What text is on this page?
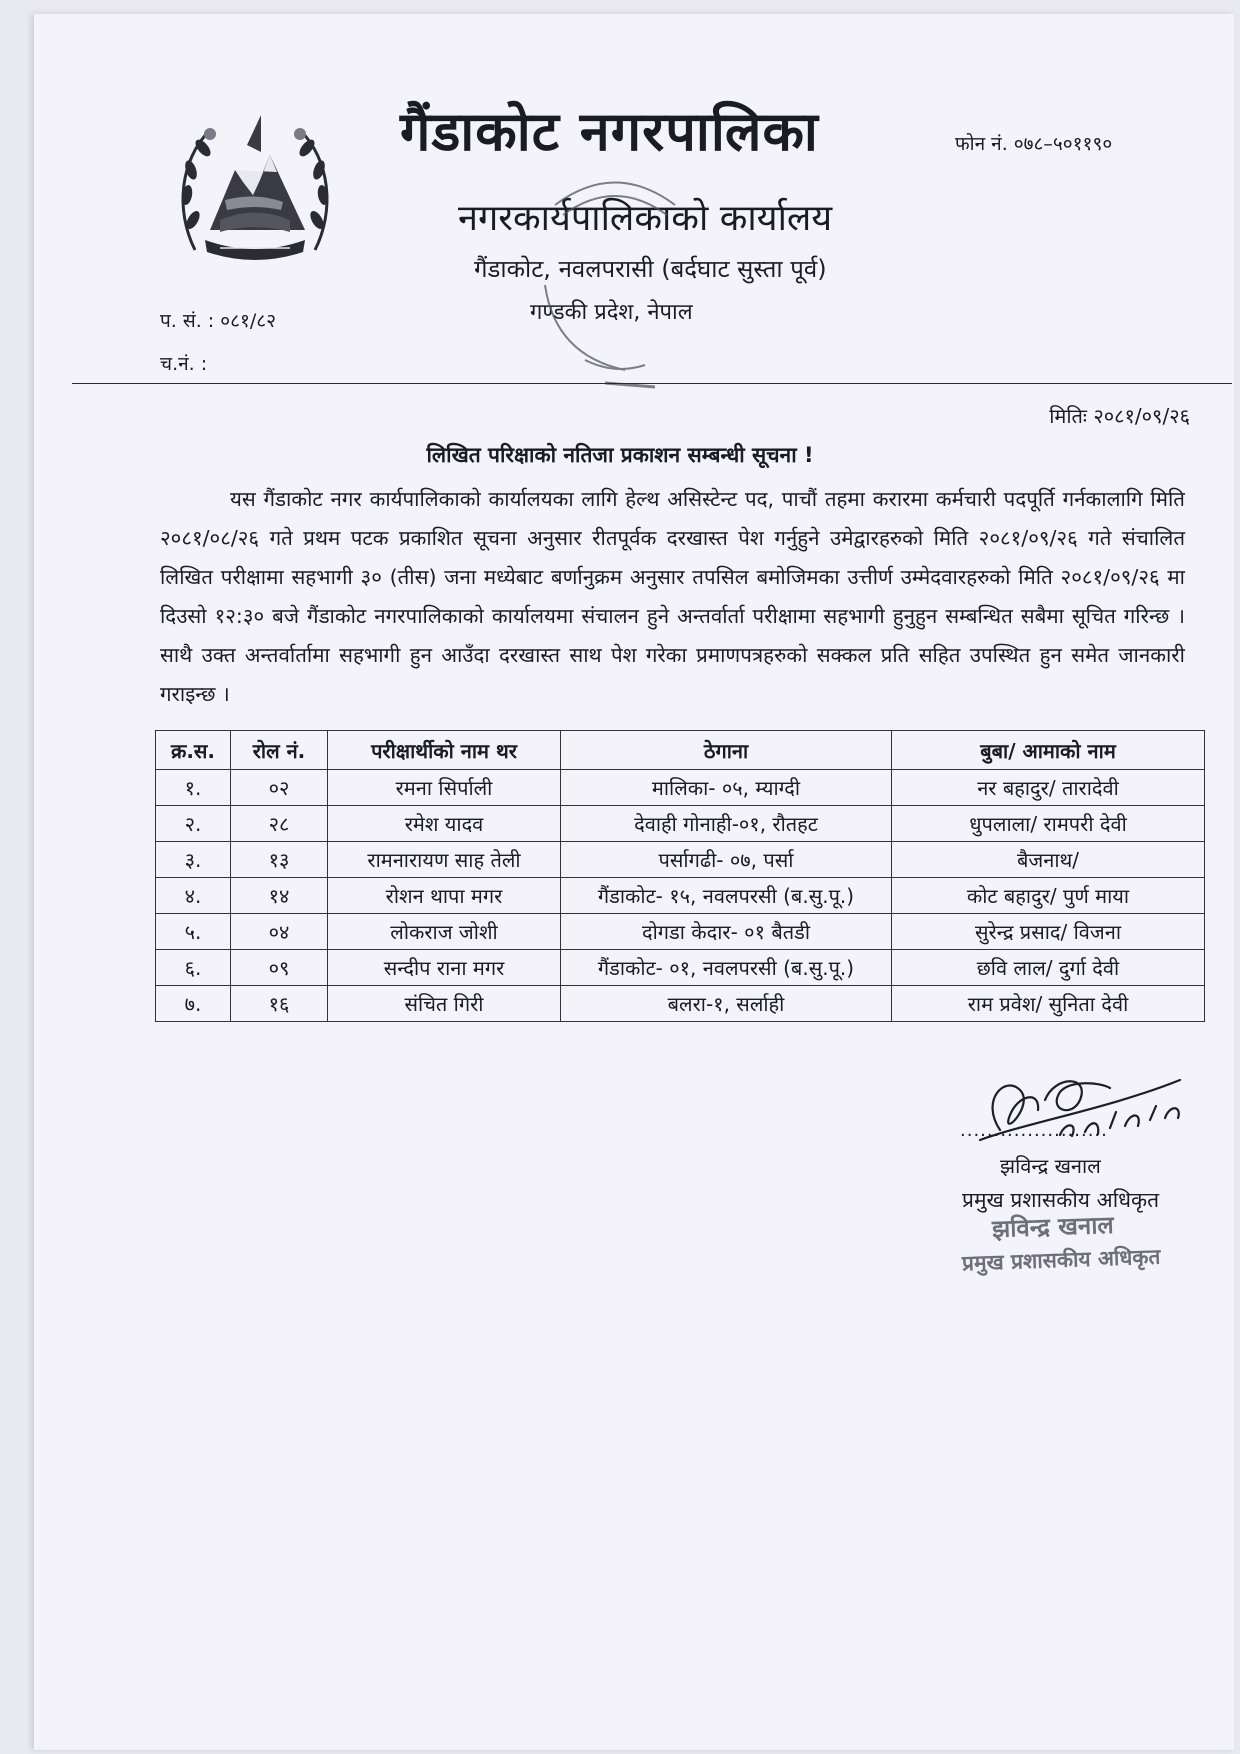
गैंडाकोट नगरपालिका	फोन नं. ०७८–५०११९०
नगरकार्यपालिकाको कार्यालय
गैंडाकोट, नवलपरासी (बर्दघाट सुस्ता पूर्व)
गण्डकी प्रदेश, नेपाल
प. सं. : ०८१/८२
च.नं. :
मितिः २०८१/०९/२६
लिखित परिक्षाको नतिजा प्रकाशन सम्बन्धी सूचना !
यस गैंडाकोट नगर कार्यपालिकाको कार्यालयका लागि हेल्थ असिस्टेन्ट पद, पाचौं तहमा करारमा कर्मचारी पदपूर्ति गर्नकालागि मिति २०८१/०८/२६ गते प्रथम पटक प्रकाशित सूचना अनुसार रीतपूर्वक दरखास्त पेश गर्नुहुने उमेद्वारहरुको मिति २०८१/०९/२६ गते संचालित लिखित परीक्षामा सहभागी ३० (तीस) जना मध्येबाट बर्णानुक्रम अनुसार तपसिल बमोजिमका उत्तीर्ण उम्मेदवारहरुको मिति २०८१/०९/२६ मा दिउसो १२:३० बजे गैंडाकोट नगरपालिकाको कार्यालयमा संचालन हुने अन्तर्वार्ता परीक्षामा सहभागी हुनुहुन सम्बन्धित सबैमा सूचित गरिन्छ । साथै उक्त अन्तर्वार्तामा सहभागी हुन आउँदा दरखास्त साथ पेश गरेका प्रमाणपत्रहरुको सक्कल प्रति सहित उपस्थित हुन समेत जानकारी गराइन्छ ।
क्र.स.	रोल नं.	परीक्षार्थीको नाम थर	ठेगाना	बुबा/ आमाको नाम
१.	०२	रमना सिर्पाली	मालिका- ०५, म्याग्दी	नर बहादुर/ तारादेवी
२.	२८	रमेश यादव	देवाही गोनाही-०१, रौतहट	धुपलाला/ रामपरी देवी
३.	१३	रामनारायण साह तेली	पर्सागढी- ०७, पर्सा	बैजनाथ/
४.	१४	रोशन थापा मगर	गैंडाकोट- १५, नवलपरसी (ब.सु.पू.)	कोट बहादुर/ पुर्ण माया
५.	०४	लोकराज जोशी	दोगडा केदार- ०१ बैतडी	सुरेन्द्र प्रसाद/ विजना
६.	०९	सन्दीप राना मगर	गैंडाकोट- ०१, नवलपरसी (ब.सु.पू.)	छवि लाल/ दुर्गा देवी
७.	१६	संचित गिरी	बलरा-१, सर्लाही	राम प्रवेश/ सुनिता देवी
......................
झविन्द्र खनाल
प्रमुख प्रशासकीय अधिकृत
झविन्द्र खनाल
प्रमुख प्रशासकीय अधिकृत
